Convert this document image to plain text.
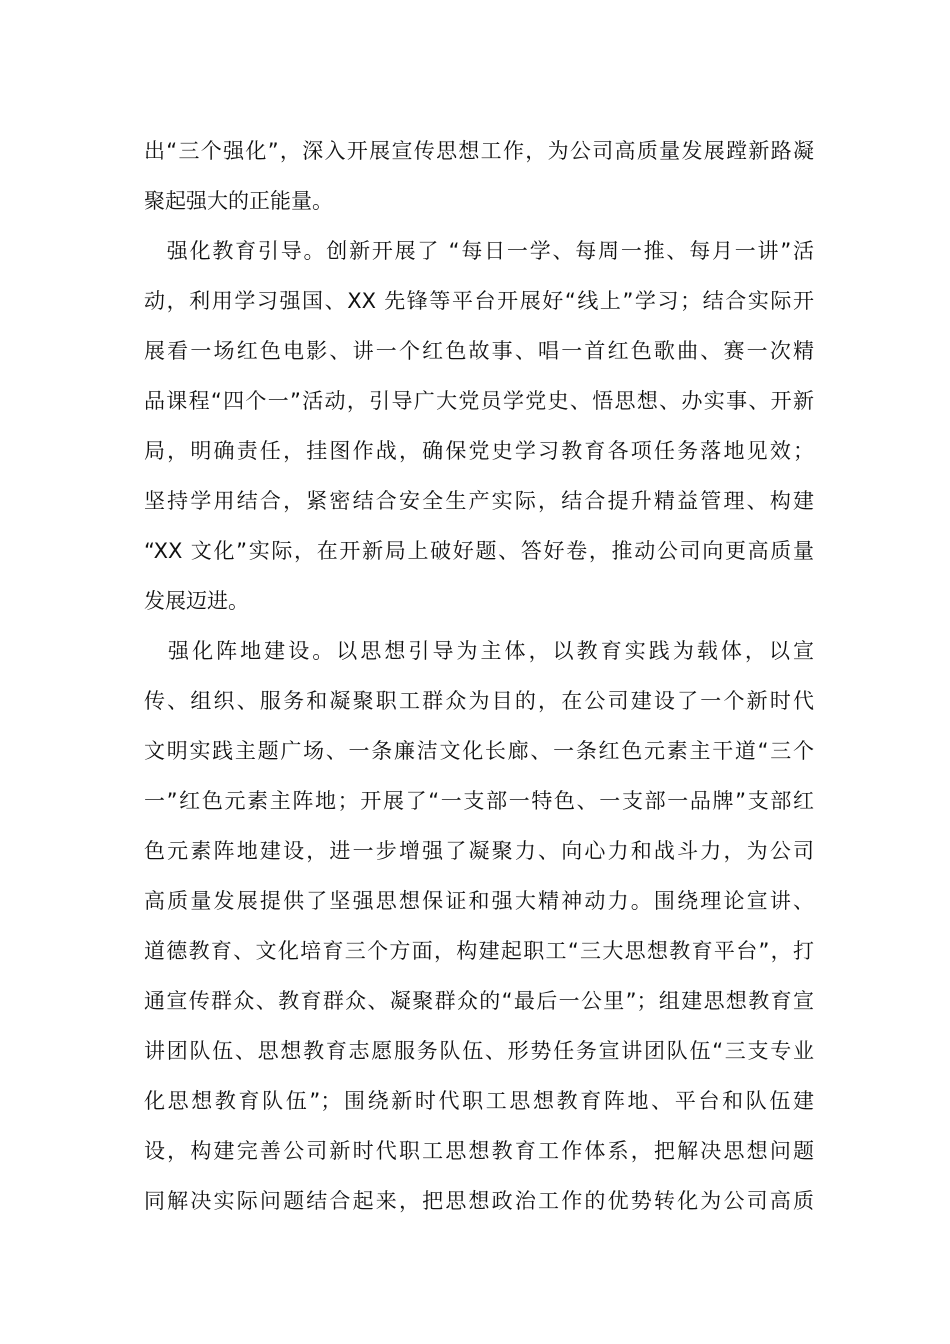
出“三个强化”，深入开展宣传思想工作，为公司高质量发展蹚新路凝
聚起强大的正能量。
　强化教育引导。创新开展了 “每日一学、每周一推、每月一讲”活
动，利用学习强国、XX 先锋等平台开展好“线上”学习；结合实际开
展看一场红色电影、讲一个红色故事、唱一首红色歌曲、赛一次精
品课程“四个一”活动，引导广大党员学党史、悟思想、办实事、开新
局，明确责任，挂图作战，确保党史学习教育各项任务落地见效；
坚持学用结合，紧密结合安全生产实际，结合提升精益管理、构建
“XX 文化”实际，在开新局上破好题、答好卷，推动公司向更高质量
发展迈进。
　强化阵地建设。以思想引导为主体，以教育实践为载体，以宣
传、组织、服务和凝聚职工群众为目的，在公司建设了一个新时代
文明实践主题广场、一条廉洁文化长廊、一条红色元素主干道“三个
一”红色元素主阵地；开展了“一支部一特色、一支部一品牌”支部红
色元素阵地建设，进一步增强了凝聚力、向心力和战斗力，为公司
高质量发展提供了坚强思想保证和强大精神动力。围绕理论宣讲、
道德教育、文化培育三个方面，构建起职工“三大思想教育平台”，打
通宣传群众、教育群众、凝聚群众的“最后一公里”；组建思想教育宣
讲团队伍、思想教育志愿服务队伍、形势任务宣讲团队伍“三支专业
化思想教育队伍”；围绕新时代职工思想教育阵地、平台和队伍建
设，构建完善公司新时代职工思想教育工作体系，把解决思想问题
同解决实际问题结合起来，把思想政治工作的优势转化为公司高质
